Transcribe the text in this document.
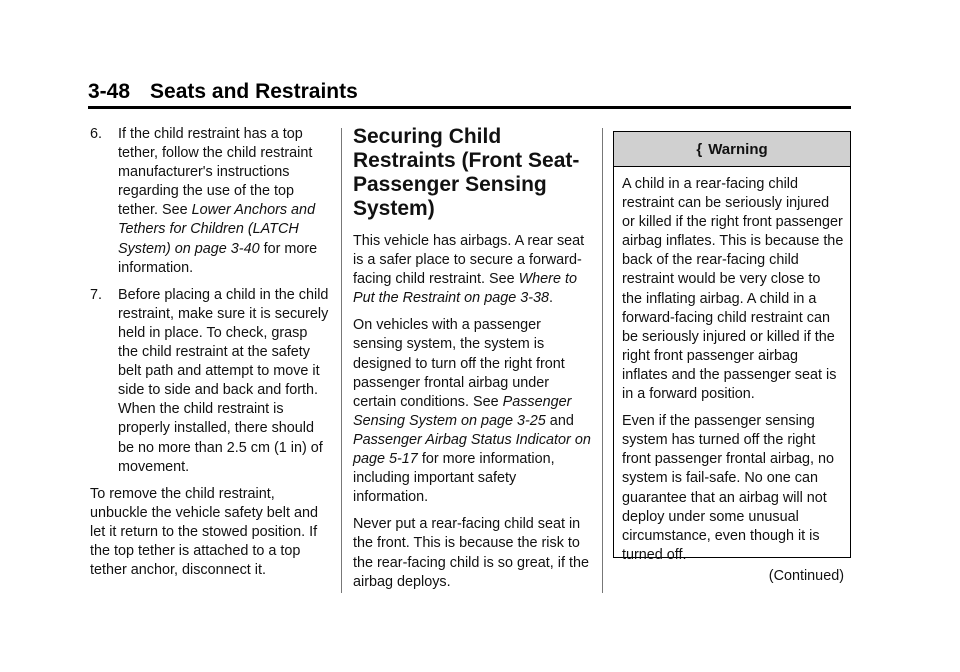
3-48 Seats and Restraints
6. If the child restraint has a top tether, follow the child restraint manufacturer's instructions regarding the use of the top tether. See Lower Anchors and Tethers for Children (LATCH System) on page 3-40 for more information.
7. Before placing a child in the child restraint, make sure it is securely held in place. To check, grasp the child restraint at the safety belt path and attempt to move it side to side and back and forth. When the child restraint is properly installed, there should be no more than 2.5 cm (1 in) of movement.

To remove the child restraint, unbuckle the vehicle safety belt and let it return to the stowed position. If the top tether is attached to a top tether anchor, disconnect it.

Securing Child Restraints (Front Seat-Passenger Sensing System)

This vehicle has airbags. A rear seat is a safer place to secure a forward-facing child restraint. See Where to Put the Restraint on page 3-38.

On vehicles with a passenger sensing system, the system is designed to turn off the right front passenger frontal airbag under certain conditions. See Passenger Sensing System on page 3-25 and Passenger Airbag Status Indicator on page 5-17 for more information, including important safety information.

Never put a rear-facing child seat in the front. This is because the risk to the rear-facing child is so great, if the airbag deploys.

{ Warning

A child in a rear-facing child restraint can be seriously injured or killed if the right front passenger airbag inflates. This is because the back of the rear-facing child restraint would be very close to the inflating airbag. A child in a forward-facing child restraint can be seriously injured or killed if the right front passenger airbag inflates and the passenger seat is in a forward position.

Even if the passenger sensing system has turned off the right front passenger frontal airbag, no system is fail-safe. No one can guarantee that an airbag will not deploy under some unusual circumstance, even though it is turned off.

(Continued)
